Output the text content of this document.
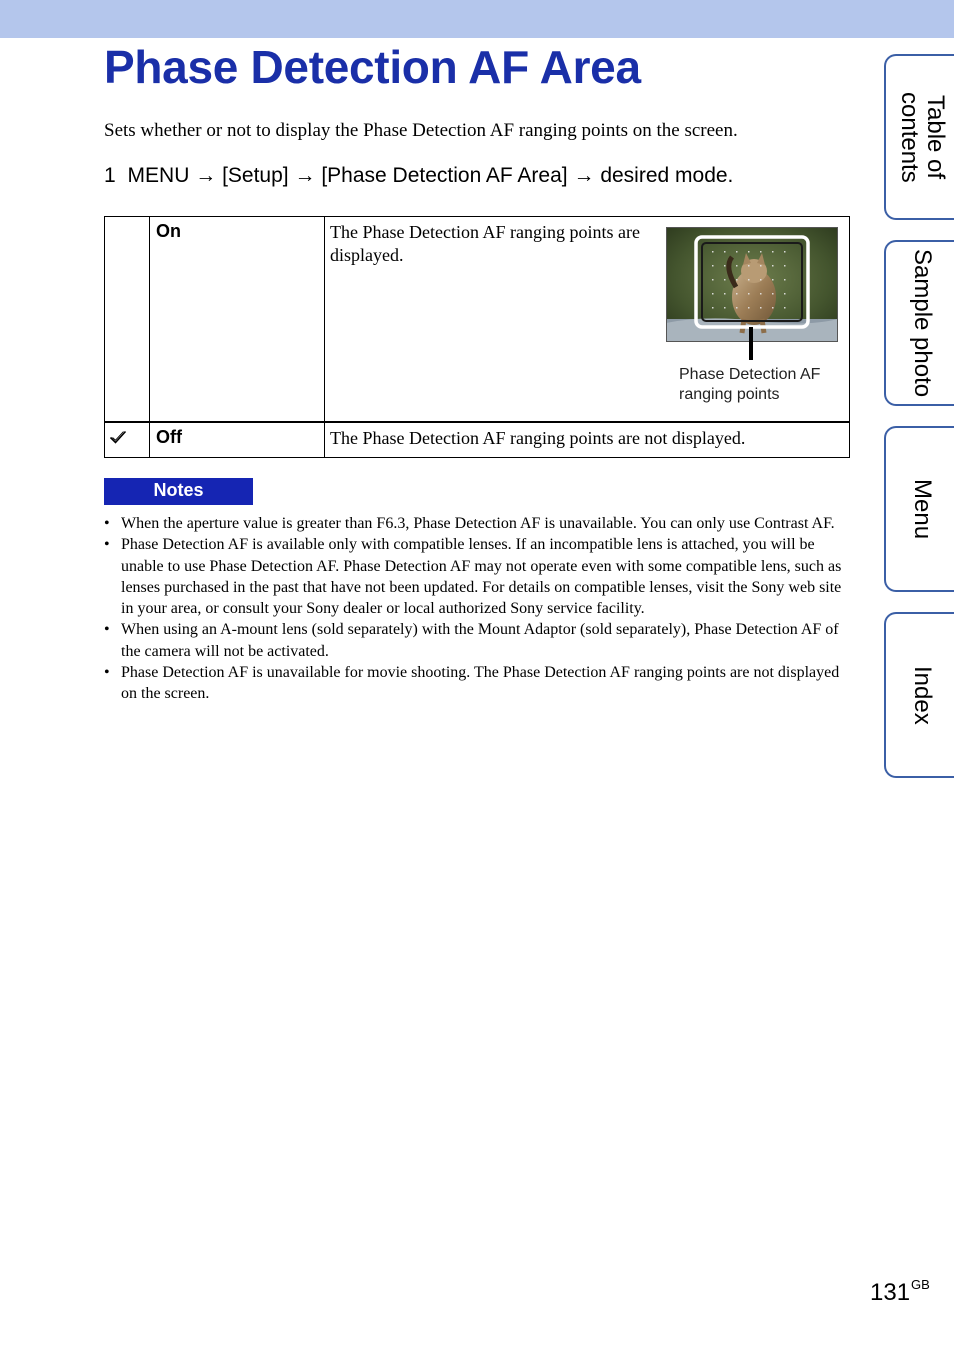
Phase Detection AF Area

Sets whether or not to display the Phase Detection AF ranging points on the screen.

1 MENU → [Setup] → [Phase Detection AF Area] → desired mode.
	On	The Phase Detection AF ranging points are displayed.
Phase Detection AF ranging points

	Off	The Phase Detection AF ranging points are not displayed.
Notes
• When the aperture value is greater than F6.3, Phase Detection AF is unavailable. You can only use Contrast AF.
• Phase Detection AF is available only with compatible lenses. If an incompatible lens is attached, you will be unable to use Phase Detection AF. Phase Detection AF may not operate even with some compatible lens, such as lenses purchased in the past that have not been updated. For details on compatible lenses, visit the Sony web site in your area, or consult your Sony dealer or local authorized Sony service facility.
• When using an A-mount lens (sold separately) with the Mount Adaptor (sold separately), Phase Detection AF of the camera will not be activated.
• Phase Detection AF is unavailable for movie shooting. The Phase Detection AF ranging points are not displayed on the screen.
Table of contents
Sample photo
Menu
Index
$131^{GB}$
